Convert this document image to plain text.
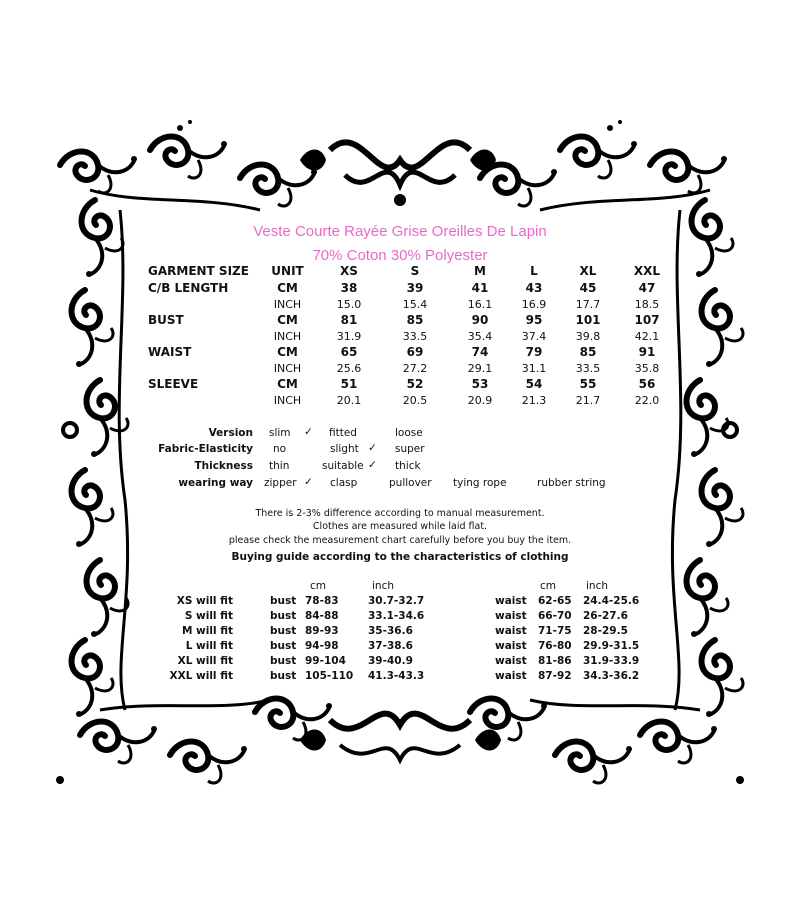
Veste Courte Rayée Grise Oreilles De Lapin
70% Coton 30% Polyester
GARMENT SIZE	UNIT	XS	S	M	L	XL	XXL
C/B LENGTH	CM	38	39	41	43	45	47
INCH	15.0	15.4	16.1	16.9	17.7	18.5
BUST	CM	81	85	90	95	101	107
INCH	31.9	33.5	35.4	37.4	39.8	42.1
WAIST	CM	65	69	74	79	85	91
INCH	25.6	27.2	29.1	31.1	33.5	35.8
SLEEVE	CM	51	52	53	54	55	56
INCH	20.1	20.5	20.9	21.3	21.7	22.0
Version slim ✓ fitted	loose
Fabric-Elasticity no	slight ✓ super
Thickness thin	suitable ✓ thick
wearing way zipper ✓ clasp	pullover tying rope	rubber string
There is 2-3% difference according to manual measurement.
Clothes are measured while laid flat.
please check the measurement chart carefully before you buy the item.
Buying guide according to the characteristics of clothing
cm	inch	cm	inch
XS will fit	bust 78-83	30.7-32.7	waist 62-65 24.4-25.6
S will fit	bust 84-88	33.1-34.6	waist 66-70 26-27.6
M will fit	bust 89-93	35-36.6	waist 71-75 28-29.5
L will fit	bust 94-98	37-38.6	waist 76-80 29.9-31.5
XL will fit	bust 99-104 39-40.9	waist 81-86 31.9-33.9
XXL will fit	bust 105-110 41.3-43.3	waist 87-92 34.3-36.2
